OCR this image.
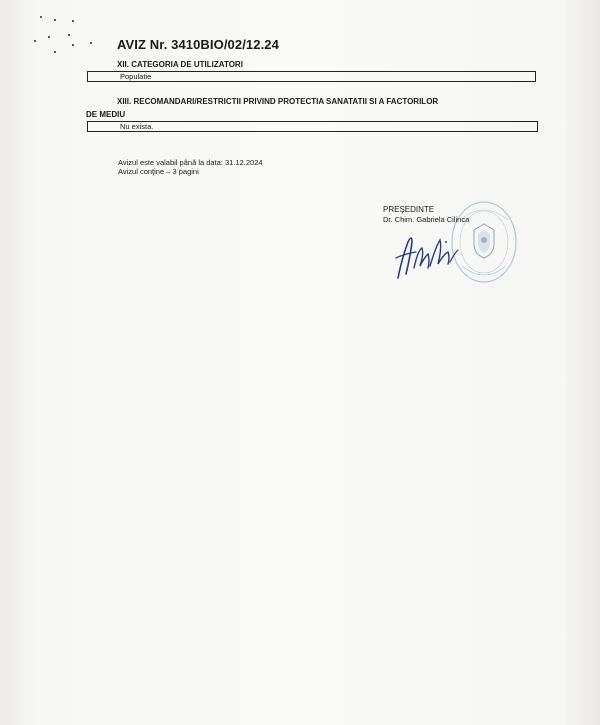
AVIZ Nr. 3410BIO/02/12.24
XII. CATEGORIA DE UTILIZATORI
Populatie
XIII. RECOMANDARI/RESTRICTII PRIVIND PROTECTIA SANATATII SI A FACTORILOR
DE MEDIU
Nu exista.
Avizul este valabil până la data: 31.12.2024
Avizul conţine – 3 pagini
PREŞEDINTE
Dr. Chim. Gabriela Cilinca
